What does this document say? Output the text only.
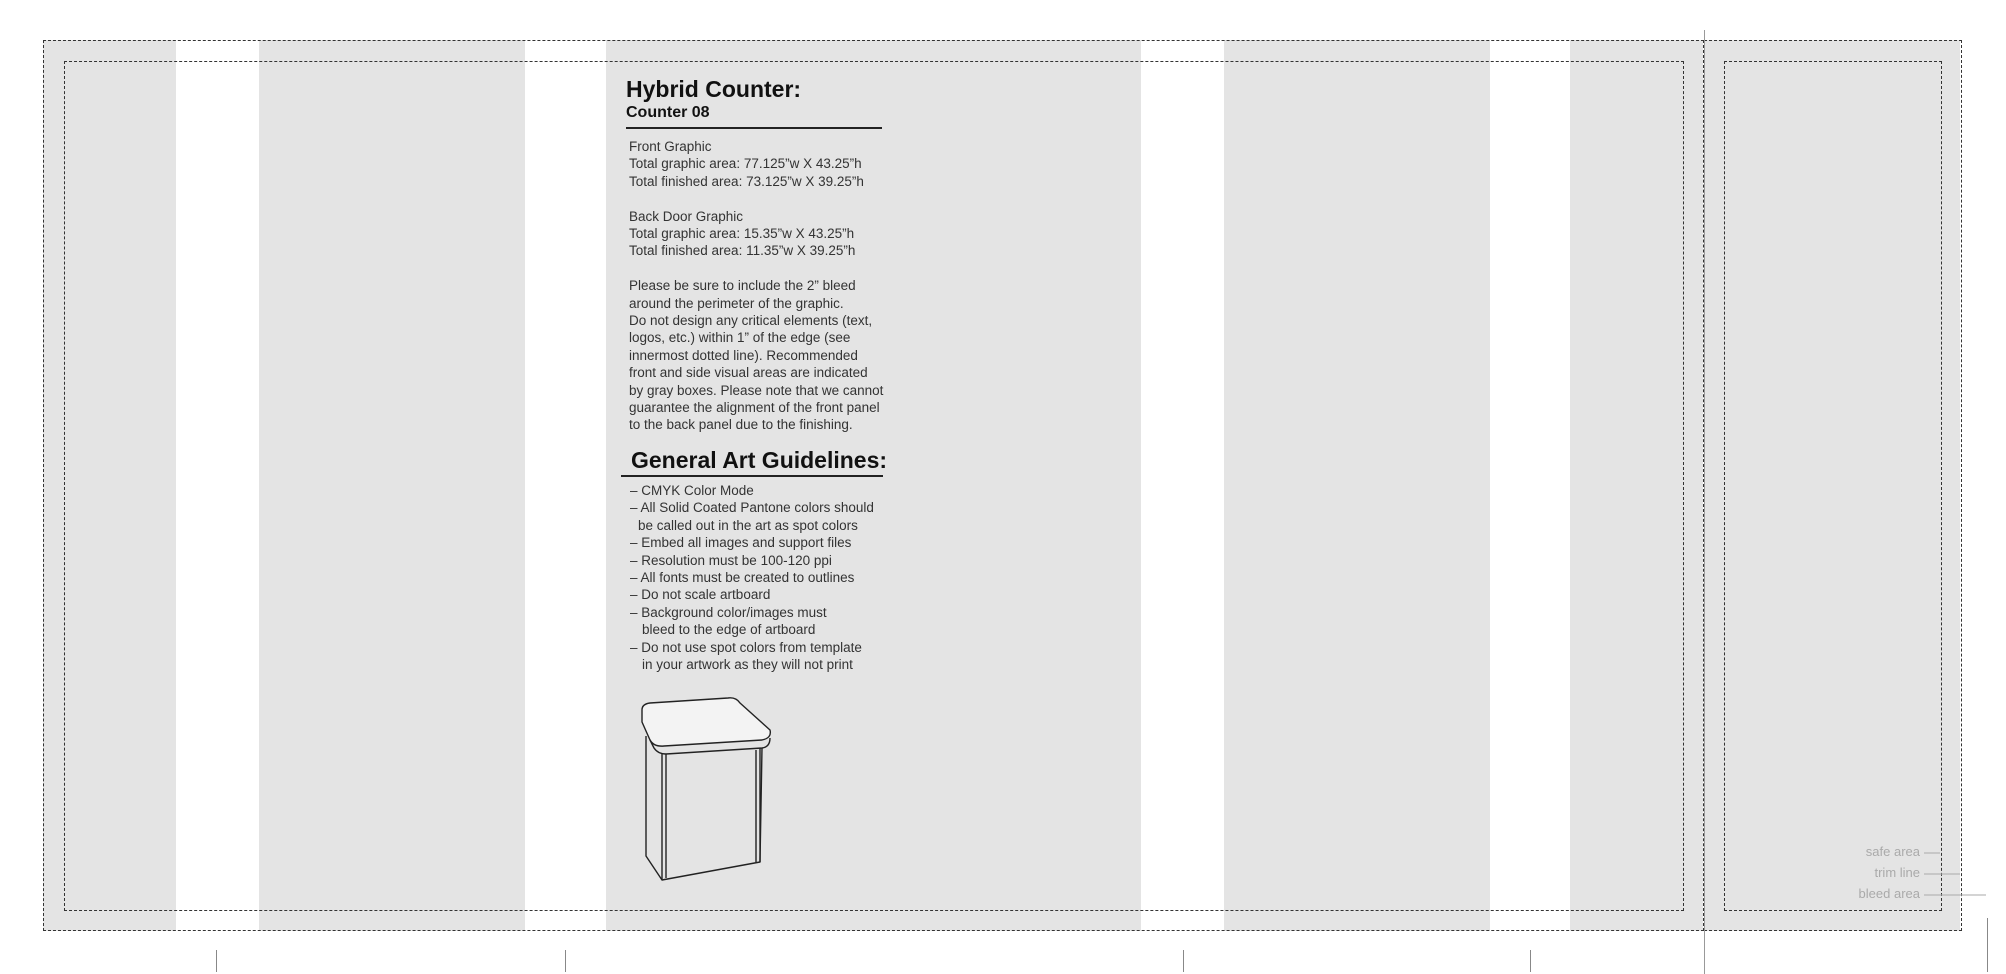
Hybrid Counter:
Counter 08
Front Graphic
Total graphic area: 77.125”w X 43.25”h
Total finished area: 73.125”w X 39.25”h
Back Door Graphic
Total graphic area: 15.35”w X 43.25”h
Total finished area: 11.35”w X 39.25”h
Please be sure to include the 2” bleed
around the perimeter of the graphic.
Do not design any critical elements (text,
logos, etc.) within 1” of the edge (see
innermost dotted line). Recommended
front and side visual areas are indicated
by gray boxes. Please note that we cannot
guarantee the alignment of the front panel
to the back panel due to the finishing.
General Art Guidelines:
– CMYK Color Mode
– All Solid Coated Pantone colors should
be called out in the art as spot colors
– Embed all images and support files
– Resolution must be 100-120 ppi
– All fonts must be created to outlines
– Do not scale artboard
– Background color/images must
bleed to the edge of artboard
– Do not use spot colors from template
in your artwork as they will not print
safe area
trim line
bleed area
